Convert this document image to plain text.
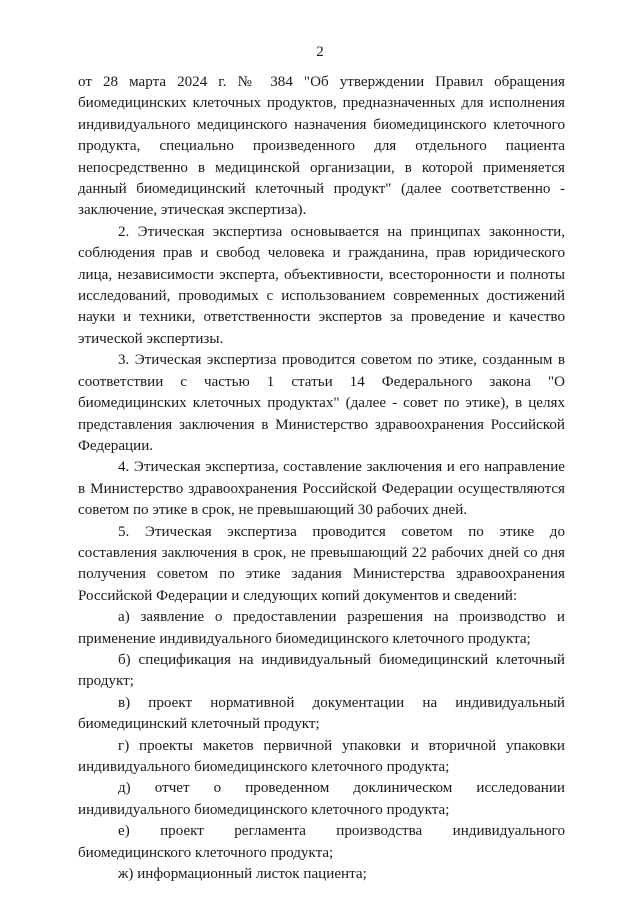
2

от 28 марта 2024 г. № 384 "Об утверждении Правил обращения биомедицинских клеточных продуктов, предназначенных для исполнения индивидуального медицинского назначения биомедицинского клеточного продукта, специально произведенного для отдельного пациента непосредственно в медицинской организации, в которой применяется данный биомедицинский клеточный продукт" (далее соответственно - заключение, этическая экспертиза).

2. Этическая экспертиза основывается на принципах законности, соблюдения прав и свобод человека и гражданина, прав юридического лица, независимости эксперта, объективности, всесторонности и полноты исследований, проводимых с использованием современных достижений науки и техники, ответственности экспертов за проведение и качество этической экспертизы.

3. Этическая экспертиза проводится советом по этике, созданным в соответствии с частью 1 статьи 14 Федерального закона "О биомедицинских клеточных продуктах" (далее - совет по этике), в целях представления заключения в Министерство здравоохранения Российской Федерации.

4. Этическая экспертиза, составление заключения и его направление в Министерство здравоохранения Российской Федерации осуществляются советом по этике в срок, не превышающий 30 рабочих дней.

5. Этическая экспертиза проводится советом по этике до составления заключения в срок, не превышающий 22 рабочих дней со дня получения советом по этике задания Министерства здравоохранения Российской Федерации и следующих копий документов и сведений:

а) заявление о предоставлении разрешения на производство и применение индивидуального биомедицинского клеточного продукта;

б) спецификация на индивидуальный биомедицинский клеточный продукт;

в) проект нормативной документации на индивидуальный биомедицинский клеточный продукт;

г) проекты макетов первичной упаковки и вторичной упаковки индивидуального биомедицинского клеточного продукта;

д) отчет о проведенном доклиническом исследовании индивидуального биомедицинского клеточного продукта;

е) проект регламента производства индивидуального биомедицинского клеточного продукта;

ж) информационный листок пациента;
